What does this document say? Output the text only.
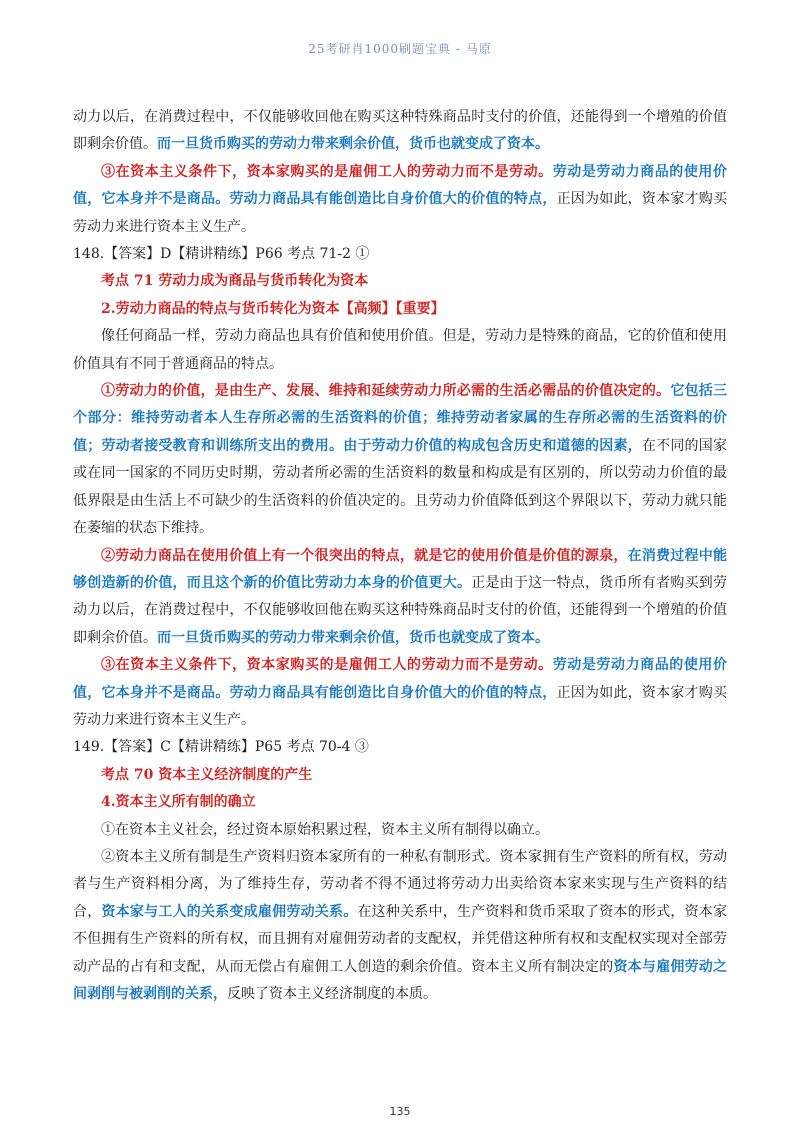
25考研肖1000刷题宝典 - 马原

动力以后，在消费过程中，不仅能够收回他在购买这种特殊商品时支付的价值，还能得到一个增殖的价值即剩余价值。而一旦货币购买的劳动力带来剩余价值，货币也就变成了资本。

③在资本主义条件下，资本家购买的是雇佣工人的劳动力而不是劳动。劳动是劳动力商品的使用价值，它本身并不是商品。劳动力商品具有能创造比自身价值大的价值的特点，正因为如此，资本家才购买劳动力来进行资本主义生产。

148.【答案】D【精讲精练】P66 考点 71-2 ①

考点 71 劳动力成为商品与货币转化为资本

2.劳动力商品的特点与货币转化为资本【高频】【重要】

像任何商品一样，劳动力商品也具有价值和使用价值。但是，劳动力是特殊的商品，它的价值和使用价值具有不同于普通商品的特点。

①劳动力的价值，是由生产、发展、维持和延续劳动力所必需的生活必需品的价值决定的。它包括三个部分：维持劳动者本人生存所必需的生活资料的价值；维持劳动者家属的生存所必需的生活资料的价值；劳动者接受教育和训练所支出的费用。由于劳动力价值的构成包含历史和道德的因素，在不同的国家或在同一国家的不同历史时期，劳动者所必需的生活资料的数量和构成是有区别的，所以劳动力价值的最低界限是由生活上不可缺少的生活资料的价值决定的。且劳动力价值降低到这个界限以下，劳动力就只能在萎缩的状态下维持。

②劳动力商品在使用价值上有一个很突出的特点，就是它的使用价值是价值的源泉，在消费过程中能够创造新的价值，而且这个新的价值比劳动力本身的价值更大。正是由于这一特点，货币所有者购买到劳动力以后，在消费过程中，不仅能够收回他在购买这种特殊商品时支付的价值，还能得到一个增殖的价值即剩余价值。而一旦货币购买的劳动力带来剩余价值，货币也就变成了资本。

③在资本主义条件下，资本家购买的是雇佣工人的劳动力而不是劳动。劳动是劳动力商品的使用价值，它本身并不是商品。劳动力商品具有能创造比自身价值大的价值的特点，正因为如此，资本家才购买劳动力来进行资本主义生产。

149.【答案】C【精讲精练】P65 考点 70-4 ③

考点 70 资本主义经济制度的产生

4.资本主义所有制的确立

①在资本主义社会，经过资本原始积累过程，资本主义所有制得以确立。

②资本主义所有制是生产资料归资本家所有的一种私有制形式。资本家拥有生产资料的所有权，劳动者与生产资料相分离，为了维持生存，劳动者不得不通过将劳动力出卖给资本家来实现与生产资料的结合，资本家与工人的关系变成雇佣劳动关系。在这种关系中，生产资料和货币采取了资本的形式，资本家不但拥有生产资料的所有权，而且拥有对雇佣劳动者的支配权，并凭借这种所有权和支配权实现对全部劳动产品的占有和支配，从而无偿占有雇佣工人创造的剩余价值。资本主义所有制决定的资本与雇佣劳动之间剥削与被剥削的关系，反映了资本主义经济制度的本质。

135
